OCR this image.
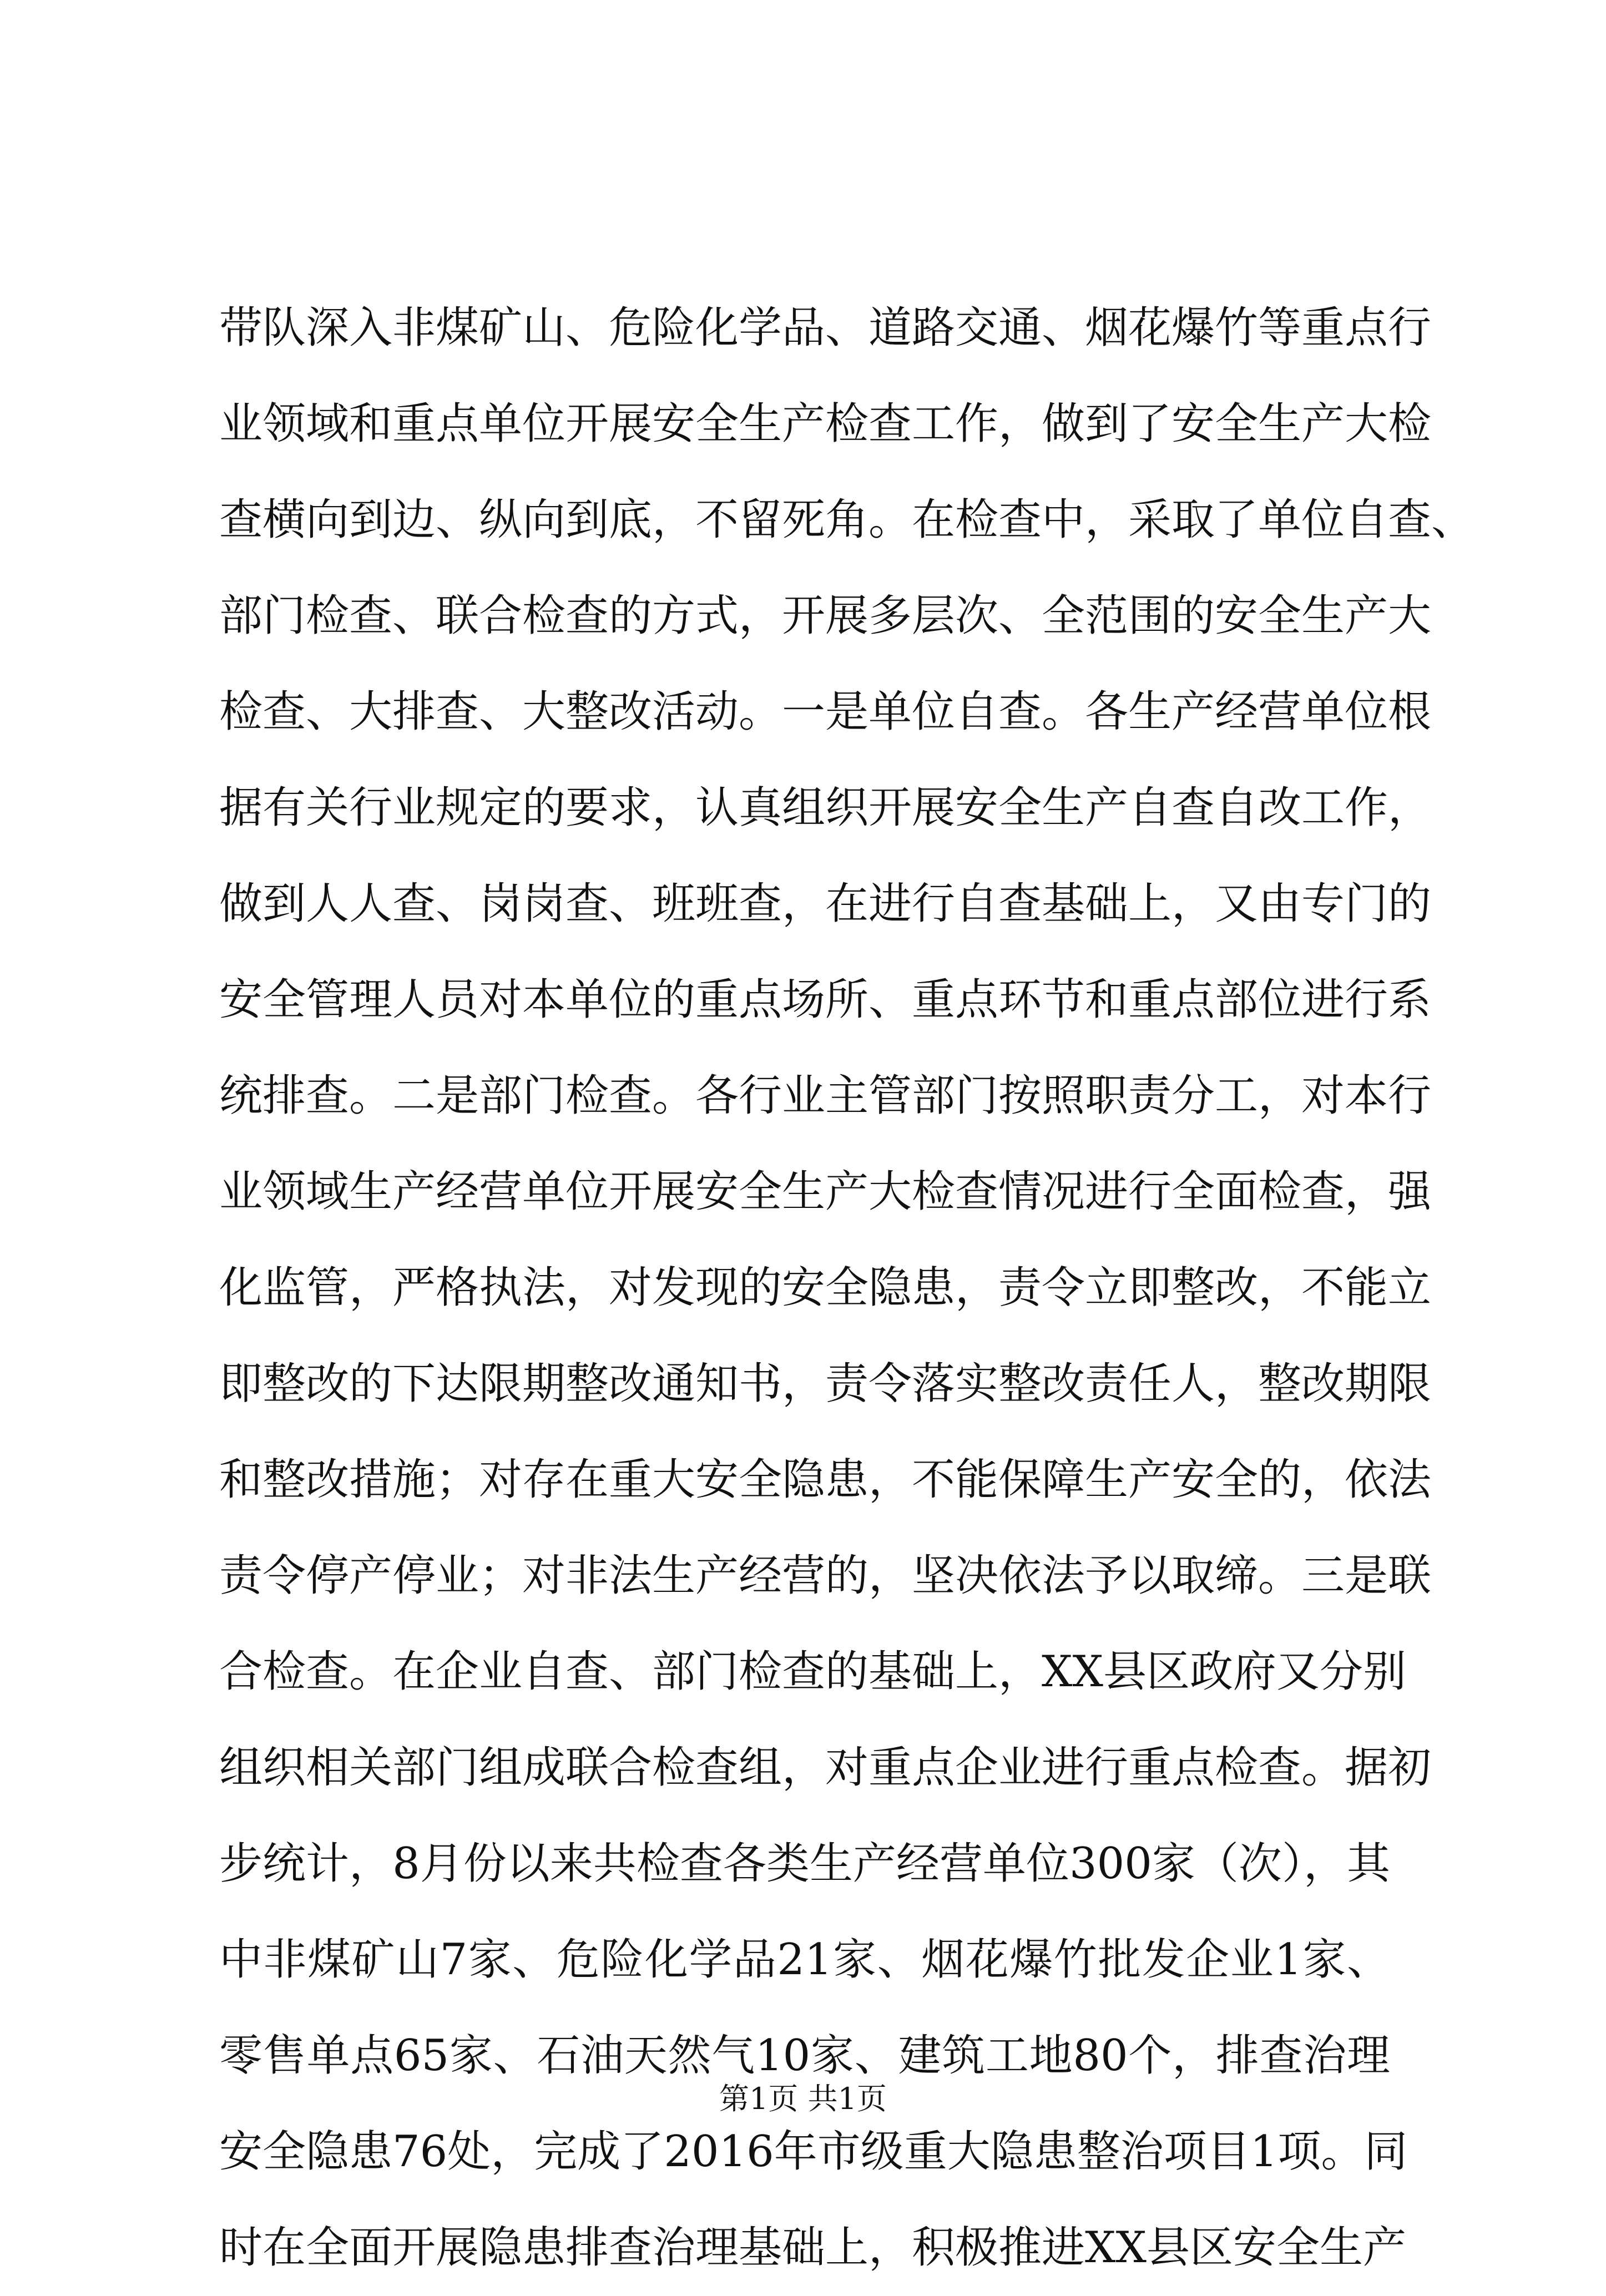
带队深入非煤矿山、危险化学品、道路交通、烟花爆竹等重点行
业领域和重点单位开展安全生产检查工作，做到了安全生产大检
查横向到边、纵向到底，不留死角。在检查中，采取了单位自查、
部门检查、联合检查的方式，开展多层次、全范围的安全生产大
检查、大排查、大整改活动。一是单位自查。各生产经营单位根
据有关行业规定的要求，认真组织开展安全生产自查自改工作，
做到人人查、岗岗查、班班查，在进行自查基础上，又由专门的
安全管理人员对本单位的重点场所、重点环节和重点部位进行系
统排查。二是部门检查。各行业主管部门按照职责分工，对本行
业领域生产经营单位开展安全生产大检查情况进行全面检查，强
化监管，严格执法，对发现的安全隐患，责令立即整改，不能立
即整改的下达限期整改通知书，责令落实整改责任人，整改期限
和整改措施；对存在重大安全隐患，不能保障生产安全的，依法
责令停产停业；对非法生产经营的，坚决依法予以取缔。三是联
合检查。在企业自查、部门检查的基础上，XX县区政府又分别
组织相关部门组成联合检查组，对重点企业进行重点检查。据初
步统计，8月份以来共检查各类生产经营单位300家（次），其
中非煤矿山7家、危险化学品21家、烟花爆竹批发企业1家、
零售单点65家、石油天然气10家、建筑工地80个，排查治理
安全隐患76处，完成了2016年市级重大隐患整治项目1项。同
时在全面开展隐患排查治理基础上，积极推进XX县区安全生产
第1页 共1页
